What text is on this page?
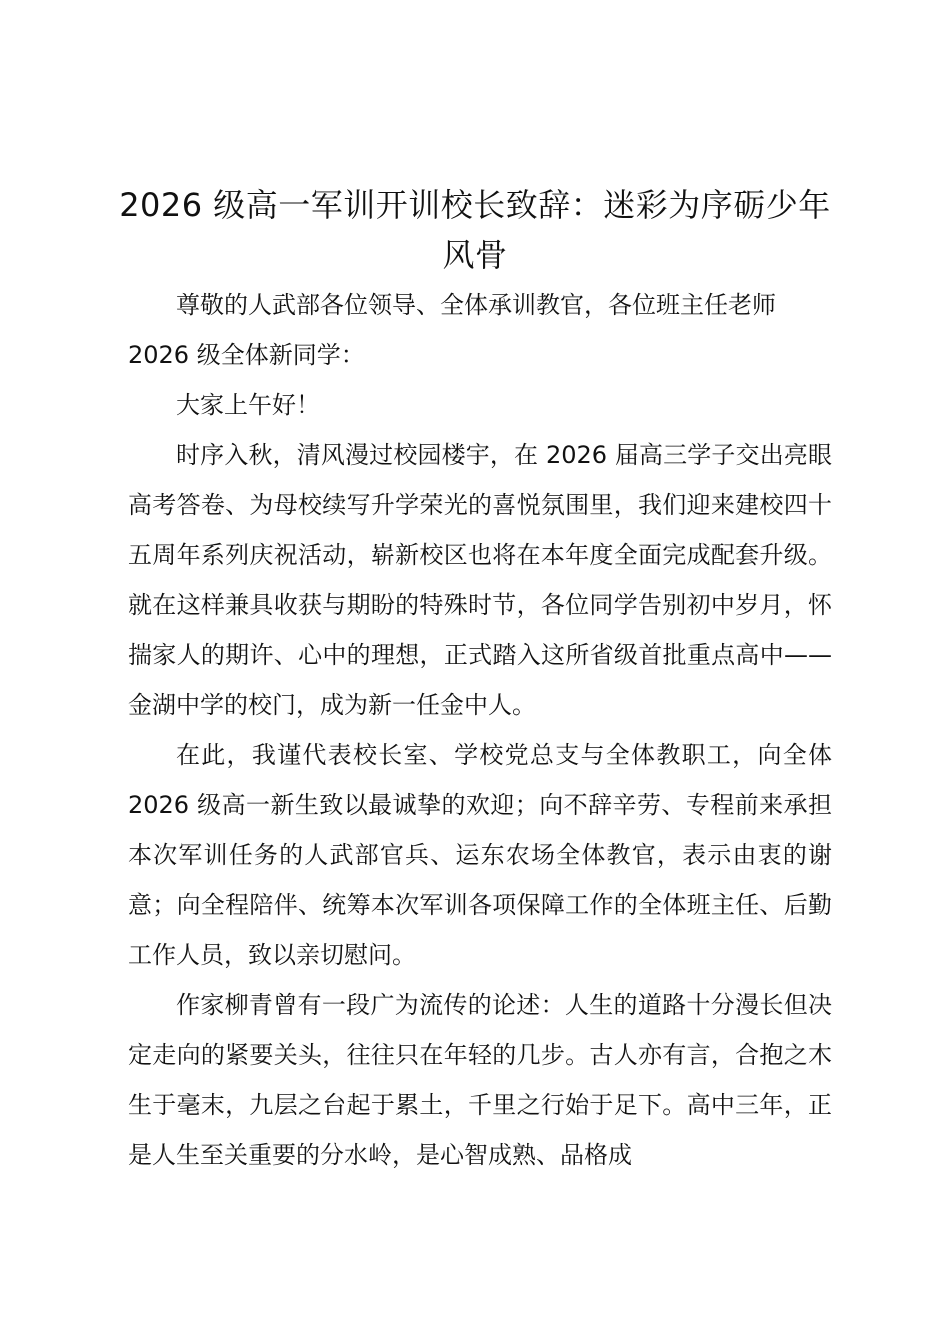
2026 级高一军训开训校长致辞：迷彩为序砺少年风骨

尊敬的人武部各位领导、全体承训教官，各位班主任老师

2026 级全体新同学：

大家上午好！

时序入秋，清风漫过校园楼宇，在 2026 届高三学子交出亮眼高考答卷、为母校续写升学荣光的喜悦氛围里，我们迎来建校四十五周年系列庆祝活动，崭新校区也将在本年度全面完成配套升级。就在这样兼具收获与期盼的特殊时节，各位同学告别初中岁月，怀揣家人的期许、心中的理想，正式踏入这所省级首批重点高中——金湖中学的校门，成为新一任金中人。

在此，我谨代表校长室、学校党总支与全体教职工，向全体 2026 级高一新生致以最诚挚的欢迎；向不辞辛劳、专程前来承担本次军训任务的人武部官兵、运东农场全体教官，表示由衷的谢意；向全程陪伴、统筹本次军训各项保障工作的全体班主任、后勤工作人员，致以亲切慰问。

作家柳青曾有一段广为流传的论述：人生的道路十分漫长但决定走向的紧要关头，往往只在年轻的几步。古人亦有言，合抱之木生于毫末，九层之台起于累土，千里之行始于足下。高中三年，正是人生至关重要的分水岭，是心智成熟、品格成
